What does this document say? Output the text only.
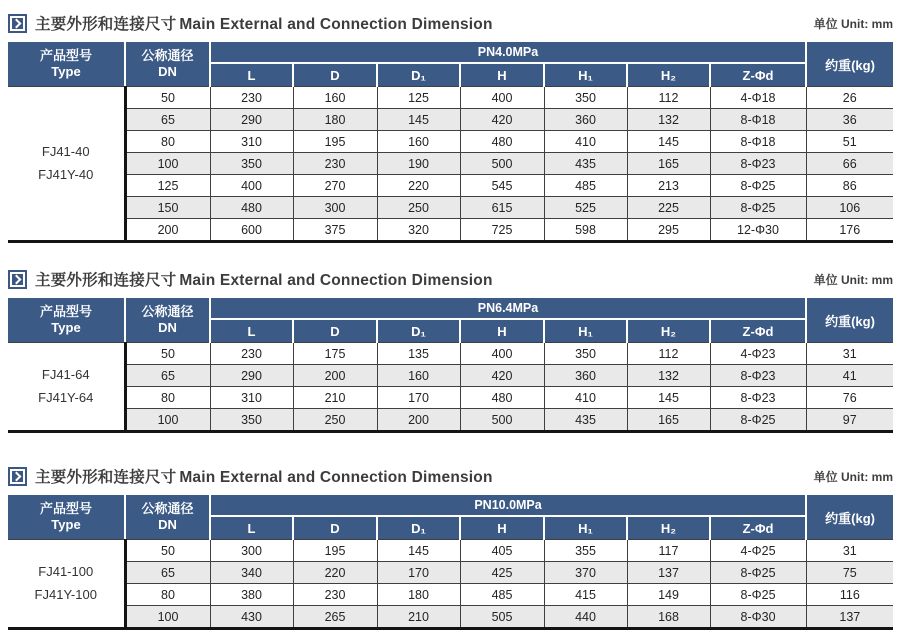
主要外形和连接尺寸 Main External and Connection Dimension	单位 Unit: mm
产品型号
Type

公称通径
DN
	PN4.0MPa	约重(kg)
		L	D	D₁	H	H₁	H₂	Z-Φd	

FJ41-40
FJ41Y-40	50	230	160	125	400	350	112	4-Φ18	26
	65	290	180	145	420	360	132	8-Φ18	36
	80	310	195	160	480	410	145	8-Φ18	51
	100	350	230	190	500	435	165	8-Φ23	66
	125	400	270	220	545	485	213	8-Φ25	86
	150	480	300	250	615	525	225	8-Φ25	106
	200	600	375	320	725	598	295	12-Φ30	176
主要外形和连接尺寸 Main External and Connection Dimension	单位 Unit: mm
产品型号
Type

公称通径
DN
	PN6.4MPa	约重(kg)
		L	D	D₁	H	H₁	H₂	Z-Φd	

FJ41-64
FJ41Y-64	50	230	175	135	400	350	112	4-Φ23	31
	65	290	200	160	420	360	132	8-Φ23	41
	80	310	210	170	480	410	145	8-Φ23	76
	100	350	250	200	500	435	165	8-Φ25	97
主要外形和连接尺寸 Main External and Connection Dimension	单位 Unit: mm
产品型号
Type

公称通径
DN
	PN10.0MPa	约重(kg)
		L	D	D₁	H	H₁	H₂	Z-Φd	

FJ41-100
FJ41Y-100	50	300	195	145	405	355	117	4-Φ25	31
	65	340	220	170	425	370	137	8-Φ25	75
	80	380	230	180	485	415	149	8-Φ25	116
	100	430	265	210	505	440	168	8-Φ30	137
